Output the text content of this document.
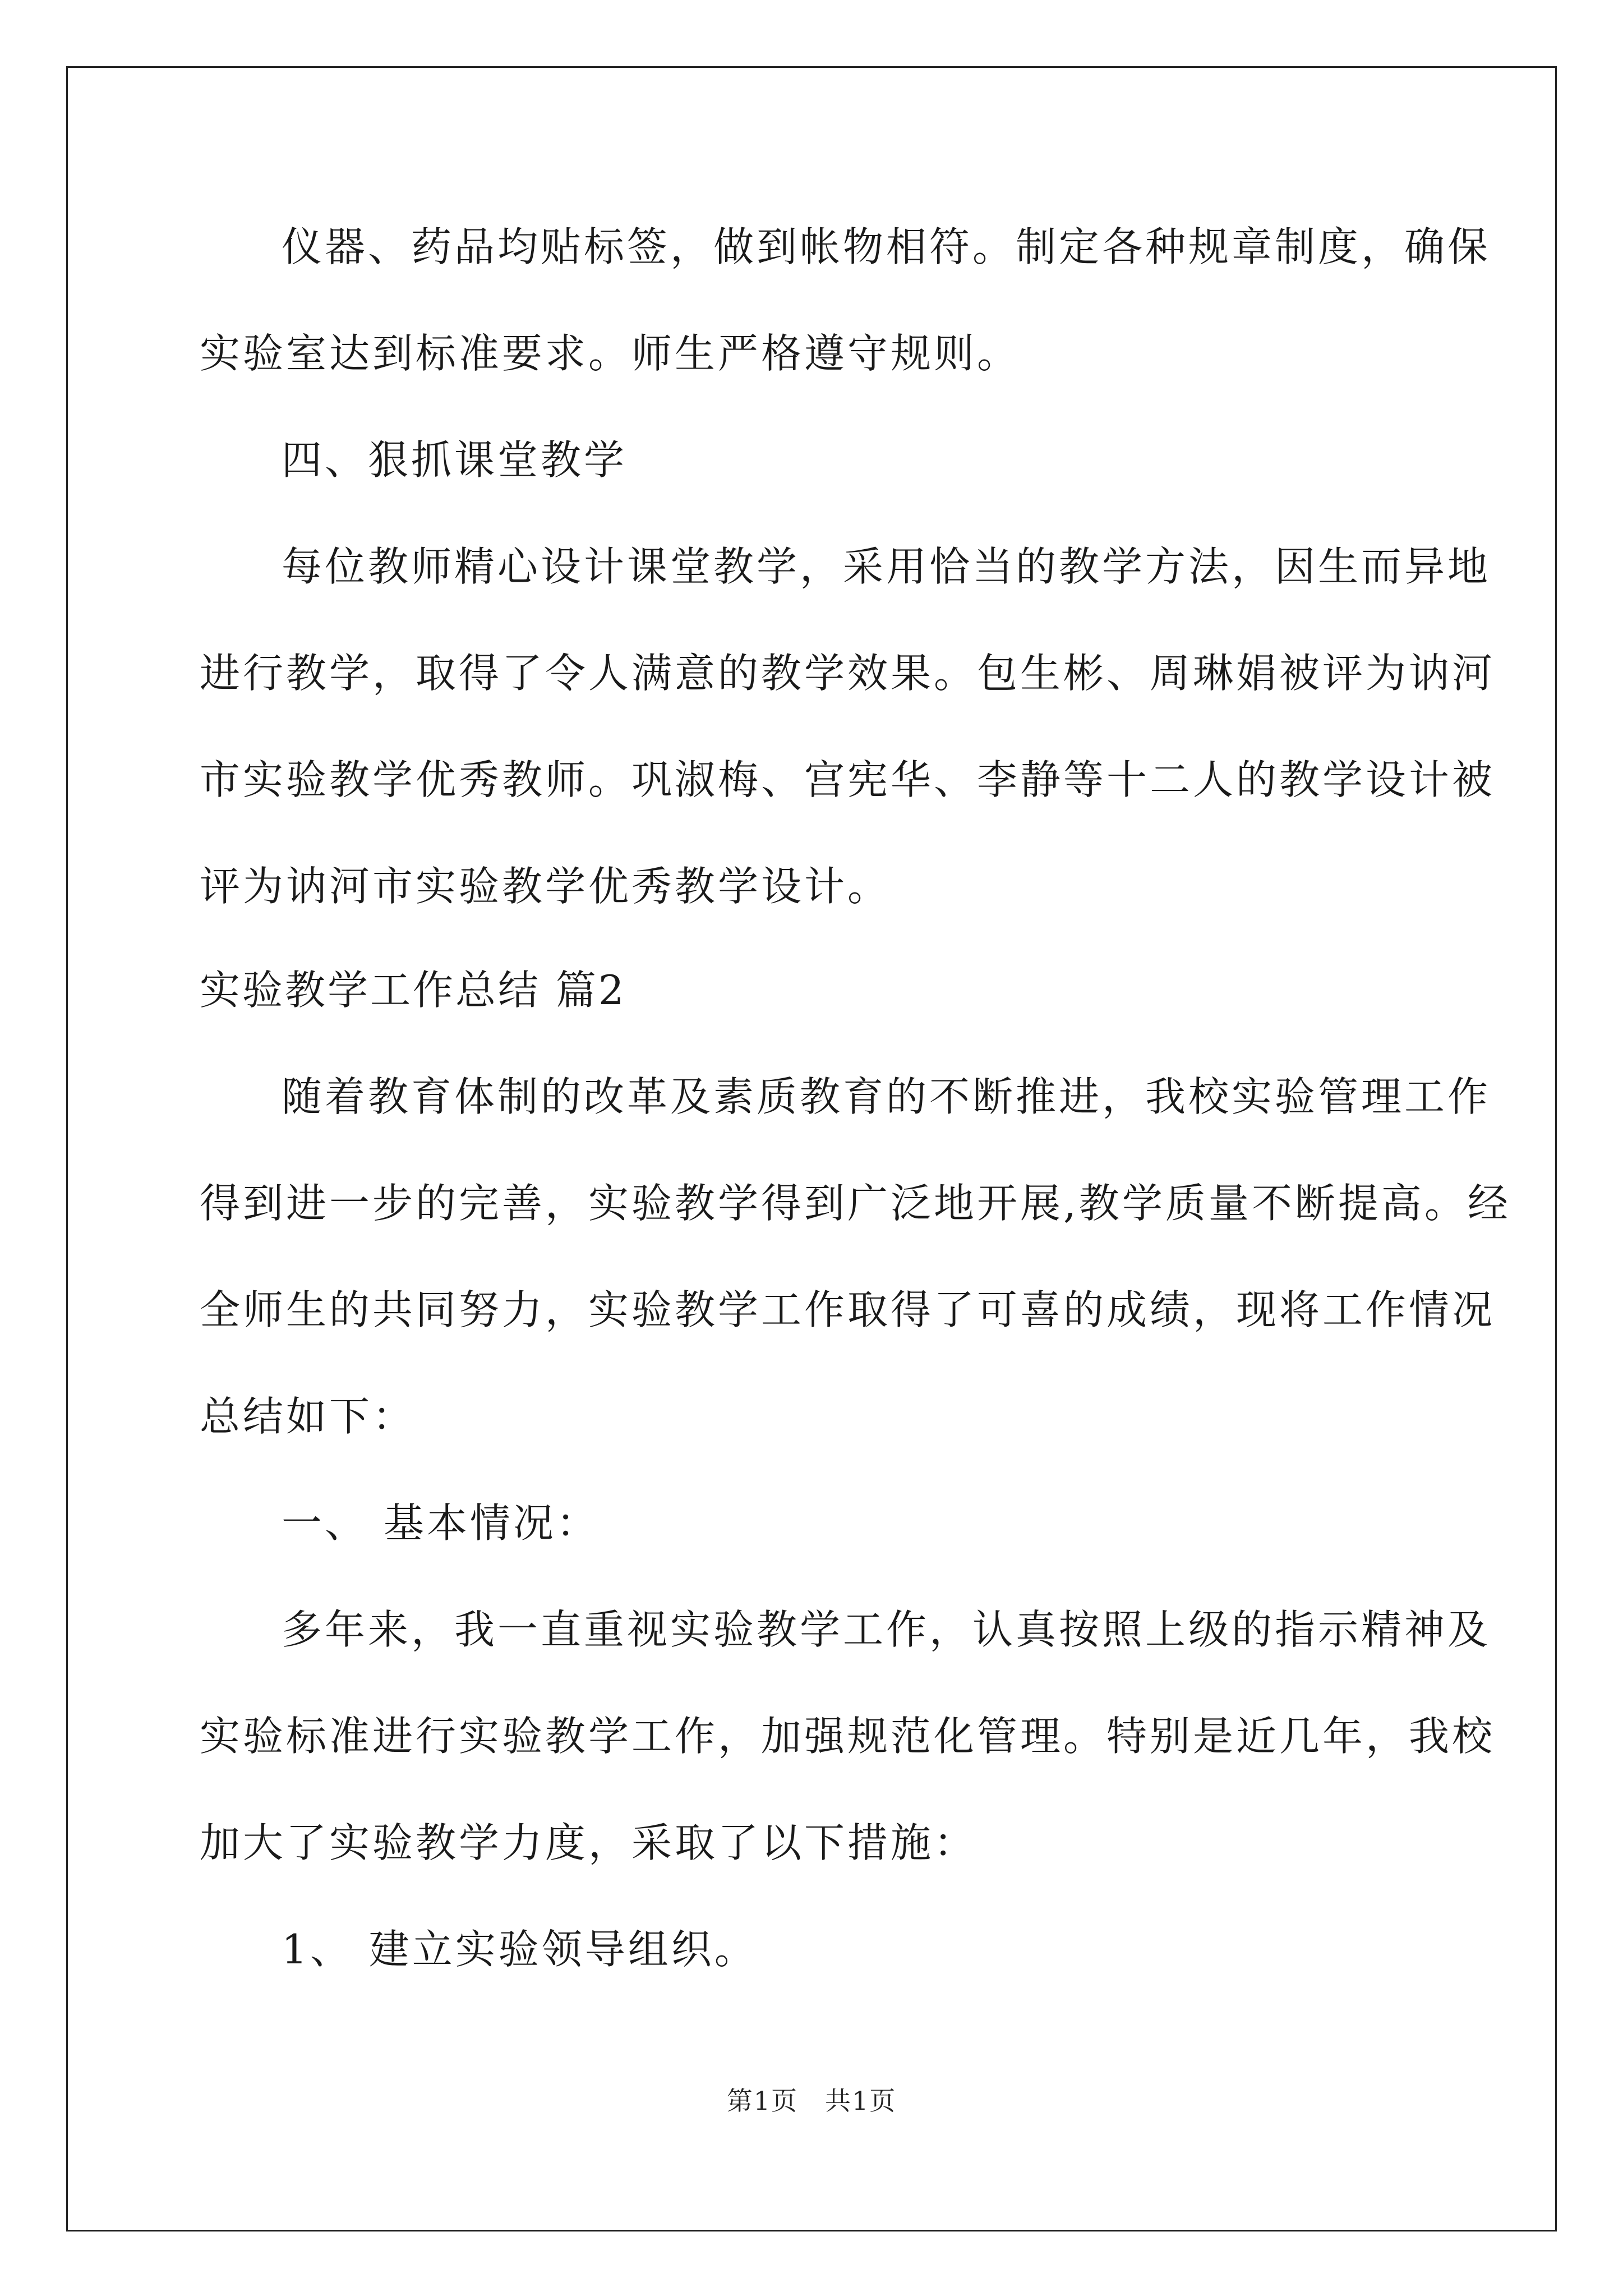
仪器、药品均贴标签，做到帐物相符。制定各种规章制度，确保
实验室达到标准要求。师生严格遵守规则。
四、狠抓课堂教学
每位教师精心设计课堂教学，采用恰当的教学方法，因生而异地
进行教学，取得了令人满意的教学效果。包生彬、周琳娟被评为讷河
市实验教学优秀教师。巩淑梅、宫宪华、李静等十二人的教学设计被
评为讷河市实验教学优秀教学设计。
实验教学工作总结 篇2
随着教育体制的改革及素质教育的不断推进，我校实验管理工作
得到进一步的完善，实验教学得到广泛地开展,教学质量不断提高。经
全师生的共同努力，实验教学工作取得了可喜的成绩，现将工作情况
总结如下：
一、 基本情况：
多年来，我一直重视实验教学工作，认真按照上级的指示精神及
实验标准进行实验教学工作，加强规范化管理。特别是近几年，我校
加大了实验教学力度，采取了以下措施：
1、 建立实验领导组织。
第1页　共1页
